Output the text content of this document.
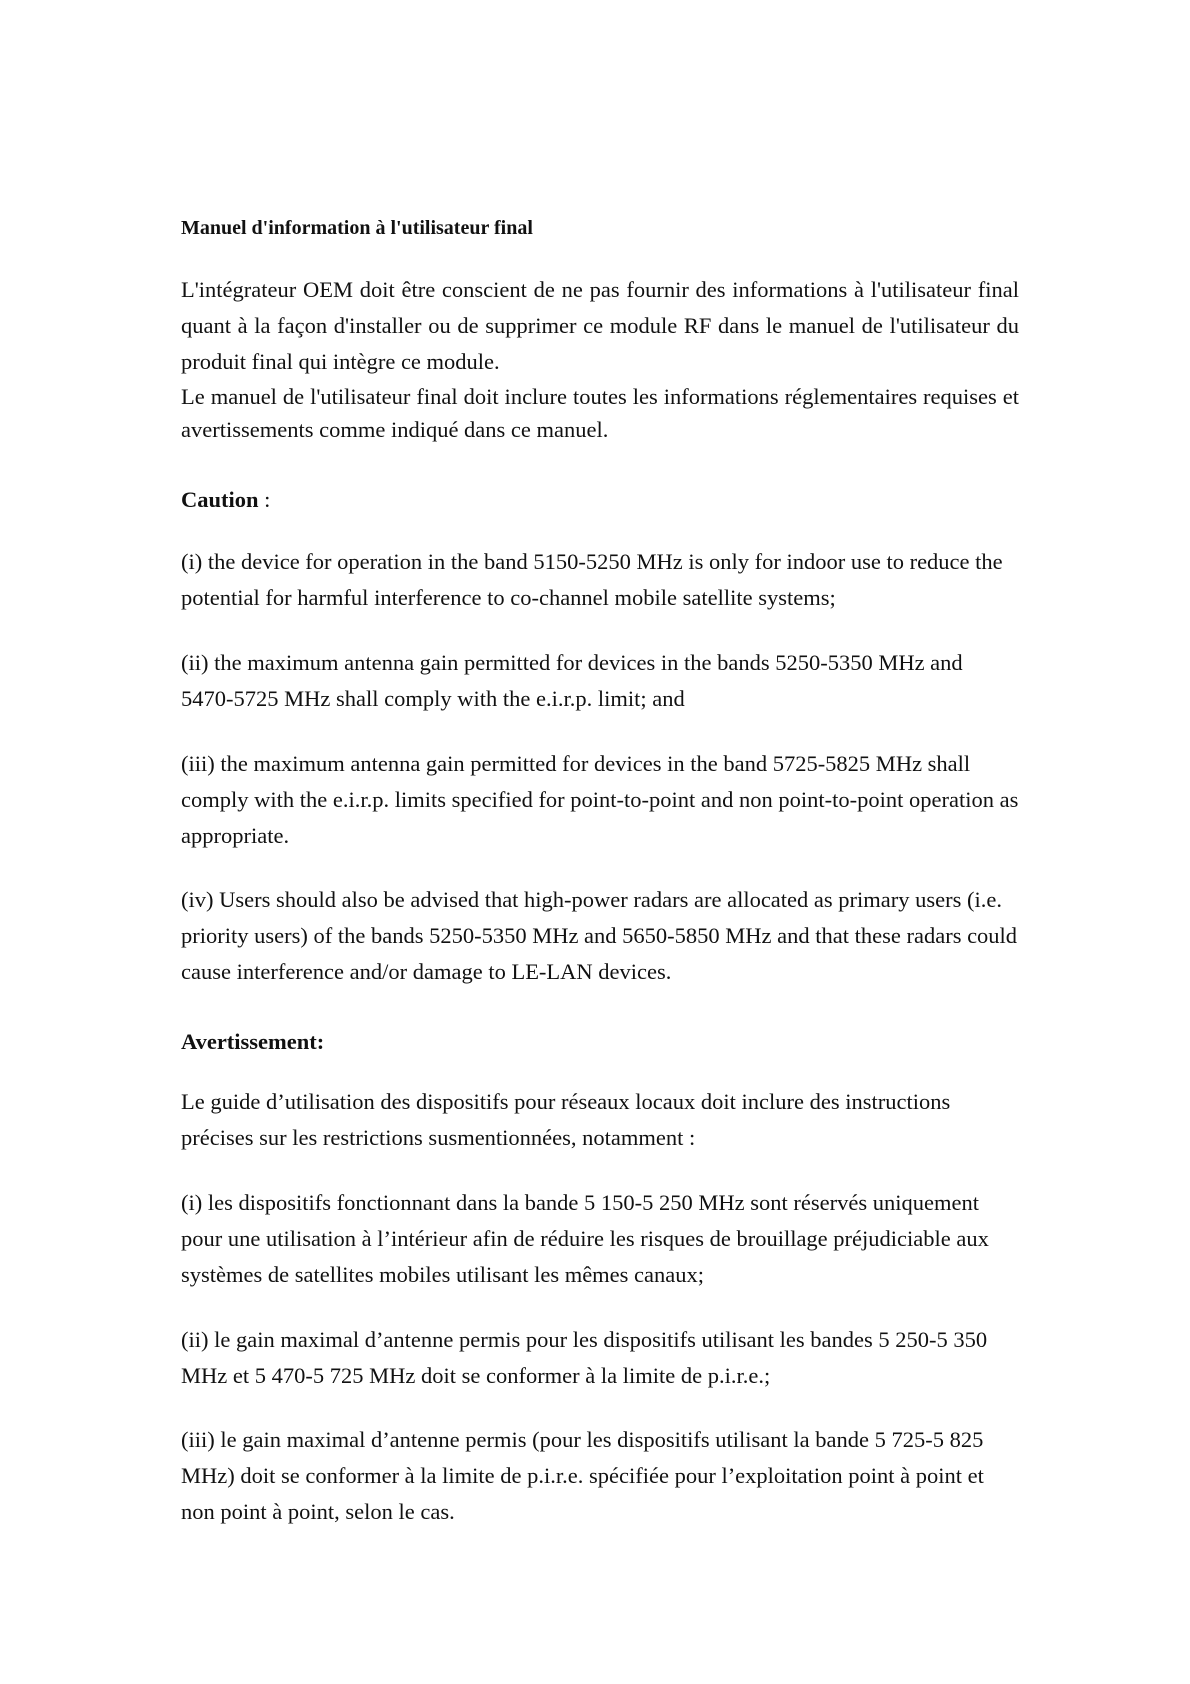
Manuel d'information à l'utilisateur final

L'intégrateur OEM doit être conscient de ne pas fournir des informations à l'utilisateur final quant à la façon d'installer ou de supprimer ce module RF dans le manuel de l'utilisateur du produit final qui intègre ce module.

Le manuel de l'utilisateur final doit inclure toutes les informations réglementaires requises et avertissements comme indiqué dans ce manuel.

Caution :

(i) the device for operation in the band 5150-5250 MHz is only for indoor use to reduce the potential for harmful interference to co-channel mobile satellite systems;

(ii) the maximum antenna gain permitted for devices in the bands 5250-5350 MHz and 5470-5725 MHz shall comply with the e.i.r.p. limit; and

(iii) the maximum antenna gain permitted for devices in the band 5725-5825 MHz shall comply with the e.i.r.p. limits specified for point-to-point and non point-to-point operation as appropriate.

(iv) Users should also be advised that high-power radars are allocated as primary users (i.e. priority users) of the bands 5250-5350 MHz and 5650-5850 MHz and that these radars could cause interference and/or damage to LE-LAN devices.

Avertissement:

Le guide d’utilisation des dispositifs pour réseaux locaux doit inclure des instructions précises sur les restrictions susmentionnées, notamment :

(i) les dispositifs fonctionnant dans la bande 5 150-5 250 MHz sont réservés uniquement pour une utilisation à l’intérieur afin de réduire les risques de brouillage préjudiciable aux systèmes de satellites mobiles utilisant les mêmes canaux;

(ii) le gain maximal d’antenne permis pour les dispositifs utilisant les bandes 5 250-5 350 MHz et 5 470-5 725 MHz doit se conformer à la limite de p.i.r.e.;

(iii) le gain maximal d’antenne permis (pour les dispositifs utilisant la bande 5 725-5 825 MHz) doit se conformer à la limite de p.i.r.e. spécifiée pour l’exploitation point à point et non point à point, selon le cas.
